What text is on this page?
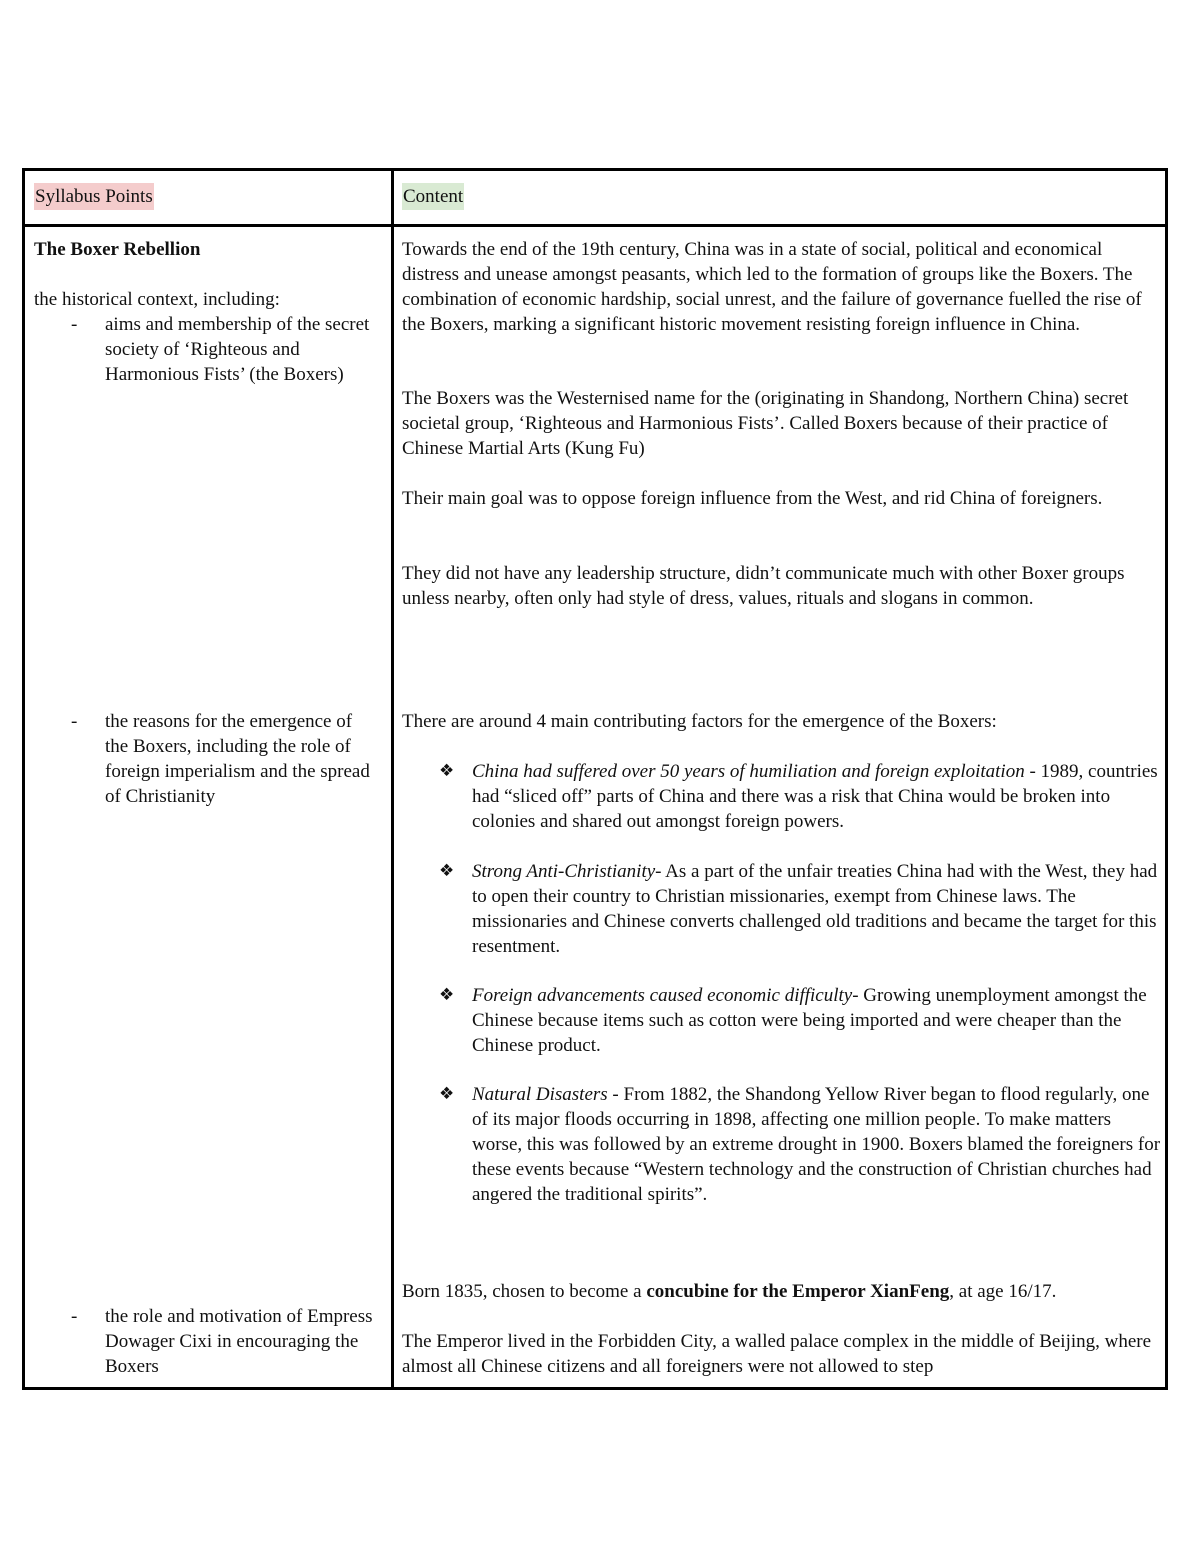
Syllabus Points	Content
The Boxer Rebellion
the historical context, including:
- aims and membership of the secret society of ‘Righteous and Harmonious Fists’ (the Boxers)
- the reasons for the emergence of the Boxers, including the role of foreign imperialism and the spread of Christianity
- the role and motivation of Empress Dowager Cixi in encouraging the Boxers

Towards the end of the 19th century, China was in a state of social, political and economical distress and unease amongst peasants, which led to the formation of groups like the Boxers. The combination of economic hardship, social unrest, and the failure of governance fuelled the rise of the Boxers, marking a significant historic movement resisting foreign influence in China.

The Boxers was the Westernised name for the (originating in Shandong, Northern China) secret societal group, ‘Righteous and Harmonious Fists’. Called Boxers because of their practice of Chinese Martial Arts (Kung Fu)

Their main goal was to oppose foreign influence from the West, and rid China of foreigners.

They did not have any leadership structure, didn’t communicate much with other Boxer groups unless nearby, often only had style of dress, values, rituals and slogans in common.

There are around 4 main contributing factors for the emergence of the Boxers:

❖ China had suffered over 50 years of humiliation and foreign exploitation - 1989, countries had “sliced off” parts of China and there was a risk that China would be broken into colonies and shared out amongst foreign powers.
❖ Strong Anti-Christianity- As a part of the unfair treaties China had with the West, they had to open their country to Christian missionaries, exempt from Chinese laws. The missionaries and Chinese converts challenged old traditions and became the target for this resentment.
❖ Foreign advancements caused economic difficulty- Growing unemployment amongst the Chinese because items such as cotton were being imported and were cheaper than the Chinese product.
❖ Natural Disasters - From 1882, the Shandong Yellow River began to flood regularly, one of its major floods occurring in 1898, affecting one million people. To make matters worse, this was followed by an extreme drought in 1900. Boxers blamed the foreigners for these events because “Western technology and the construction of Christian churches had angered the traditional spirits”.

Born 1835, chosen to become a concubine for the Emperor XianFeng, at age 16/17.

The Emperor lived in the Forbidden City, a walled palace complex in the middle of Beijing, where almost all Chinese citizens and all foreigners were not allowed to step
